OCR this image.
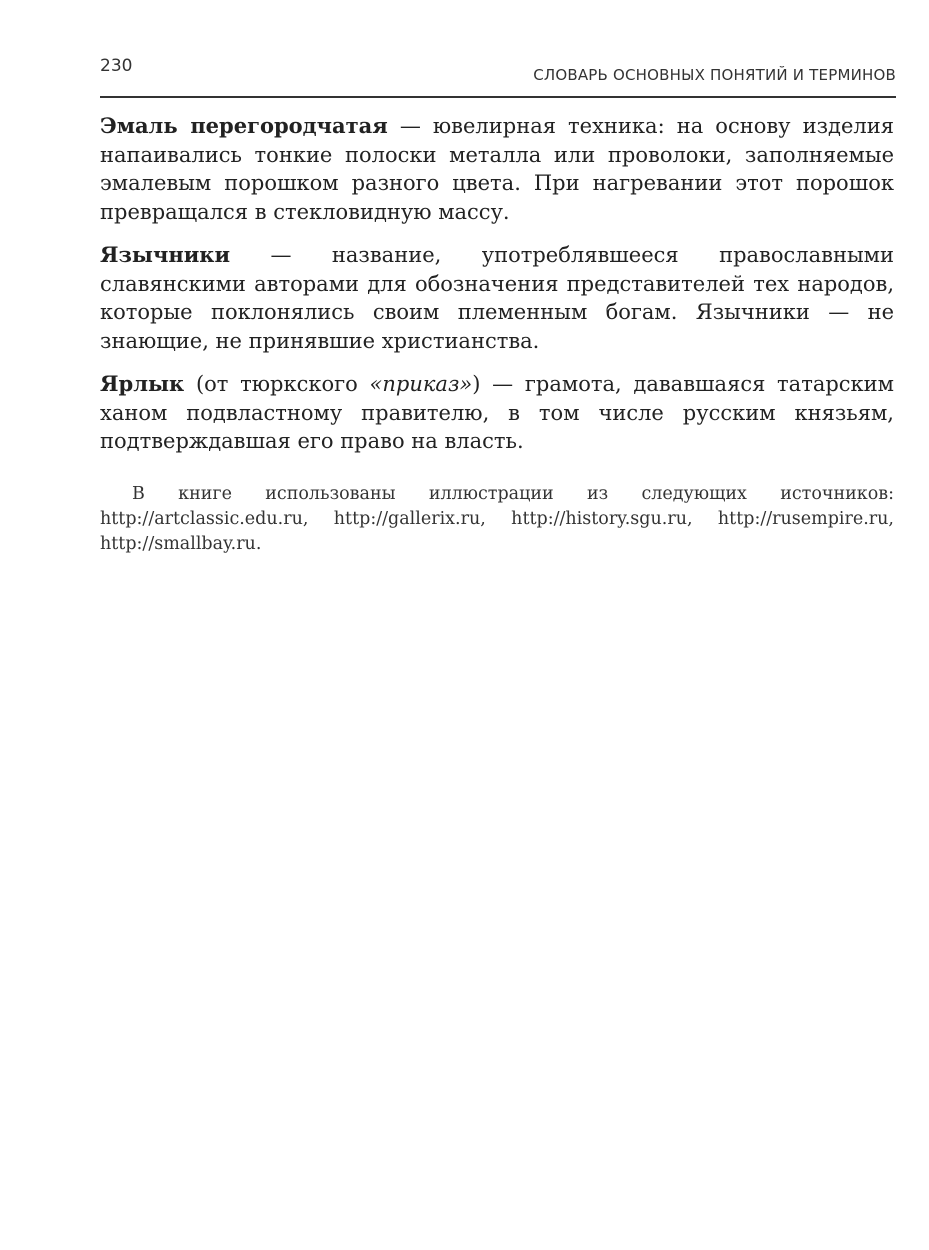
230	СЛОВАРЬ ОСНОВНЫХ ПОНЯТИЙ И ТЕРМИНОВ

Эмаль перегородчатая — ювелирная техника: на основу изделия напаивались тонкие полоски металла или проволоки, заполняемые эмалевым порошком разного цвета. При нагревании этот порошок превращался в стекловидную массу.

Язычники — название, употреблявшееся православными славянскими авторами для обозначения представителей тех народов, которые поклонялись своим племенным богам. Язычники — не знающие, не принявшие христианства.

Ярлык (от тюркского «приказ») — грамота, дававшаяся татарским ханом подвластному правителю, в том числе русским князьям, подтверждавшая его право на власть.

В книге использованы иллюстрации из следующих источников: http://artclassic.edu.ru, http://gallerix.ru, http://history.sgu.ru, http://rusempire.ru, http://smallbay.ru.
